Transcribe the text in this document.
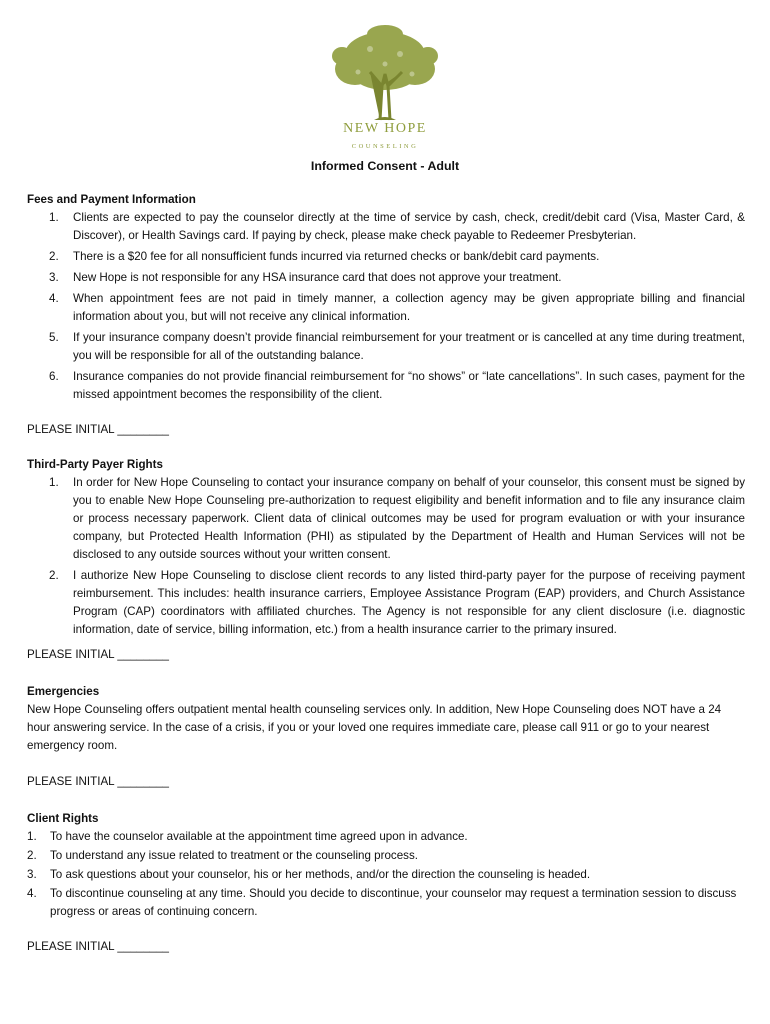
NEW HOPE
COUNSELING
Informed Consent - Adult

Fees and Payment Information

1. Clients are expected to pay the counselor directly at the time of service by cash, check, credit/debit card (Visa, Master Card, & Discover), or Health Savings card. If paying by check, please make check payable to Redeemer Presbyterian.
2. There is a $20 fee for all nonsufficient funds incurred via returned checks or bank/debit card payments.
3. New Hope is not responsible for any HSA insurance card that does not approve your treatment.
4. When appointment fees are not paid in timely manner, a collection agency may be given appropriate billing and financial information about you, but will not receive any clinical information.
5. If your insurance company doesn’t provide financial reimbursement for your treatment or is cancelled at any time during treatment, you will be responsible for all of the outstanding balance.
6. Insurance companies do not provide financial reimbursement for “no shows” or “late cancellations”. In such cases, payment for the missed appointment becomes the responsibility of the client.

PLEASE INITIAL ________

Third-Party Payer Rights

1. In order for New Hope Counseling to contact your insurance company on behalf of your counselor, this consent must be signed by you to enable New Hope Counseling pre-authorization to request eligibility and benefit information and to file any insurance claim or process necessary paperwork. Client data of clinical outcomes may be used for program evaluation or with your insurance company, but Protected Health Information (PHI) as stipulated by the Department of Health and Human Services will not be disclosed to any outside sources without your written consent.
2. I authorize New Hope Counseling to disclose client records to any listed third-party payer for the purpose of receiving payment reimbursement. This includes: health insurance carriers, Employee Assistance Program (EAP) providers, and Church Assistance Program (CAP) coordinators with affiliated churches. The Agency is not responsible for any client disclosure (i.e. diagnostic information, date of service, billing information, etc.) from a health insurance carrier to the primary insured.

PLEASE INITIAL ________

Emergencies

New Hope Counseling offers outpatient mental health counseling services only. In addition, New Hope Counseling does NOT have a 24 hour answering service. In the case of a crisis, if you or your loved one requires immediate care, please call 911 or go to your nearest emergency room.

PLEASE INITIAL ________

Client Rights

1. To have the counselor available at the appointment time agreed upon in advance.
2. To understand any issue related to treatment or the counseling process.
3. To ask questions about your counselor, his or her methods, and/or the direction the counseling is headed.
4. To discontinue counseling at any time. Should you decide to discontinue, your counselor may request a termination session to discuss progress or areas of continuing concern.

PLEASE INITIAL ________
